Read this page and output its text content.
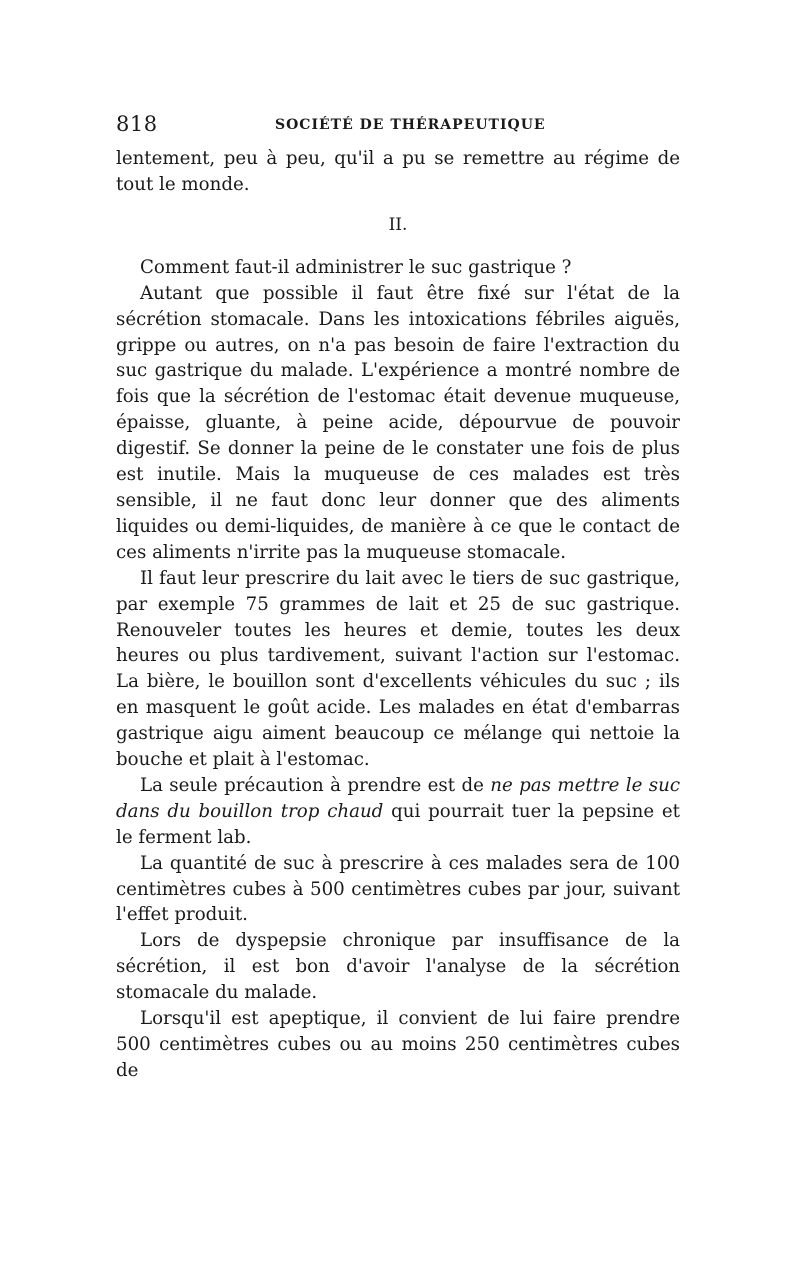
818	SOCIÉTÉ DE THÉRAPEUTIQUE

lentement, peu à peu, qu'il a pu se remettre au régime de tout le monde.

II.

Comment faut-il administrer le suc gastrique ?

Autant que possible il faut être fixé sur l'état de la sécrétion stomacale. Dans les intoxications fébriles aiguës, grippe ou autres, on n'a pas besoin de faire l'extraction du suc gastrique du malade. L'expérience a montré nombre de fois que la sécrétion de l'estomac était devenue muqueuse, épaisse, gluante, à peine acide, dépourvue de pouvoir digestif. Se donner la peine de le constater une fois de plus est inutile. Mais la muqueuse de ces malades est très sensible, il ne faut donc leur donner que des aliments liquides ou demi-liquides, de manière à ce que le contact de ces aliments n'irrite pas la muqueuse stomacale.

Il faut leur prescrire du lait avec le tiers de suc gastrique, par exemple 75 grammes de lait et 25 de suc gastrique. Renouveler toutes les heures et demie, toutes les deux heures ou plus tardivement, suivant l'action sur l'estomac. La bière, le bouillon sont d'excellents véhicules du suc ; ils en masquent le goût acide. Les malades en état d'embarras gastrique aigu aiment beaucoup ce mélange qui nettoie la bouche et plait à l'estomac.

La seule précaution à prendre est de ne pas mettre le suc dans du bouillon trop chaud qui pourrait tuer la pepsine et le ferment lab.

La quantité de suc à prescrire à ces malades sera de 100 centimètres cubes à 500 centimètres cubes par jour, suivant l'effet produit.

Lors de dyspepsie chronique par insuffisance de la sécrétion, il est bon d'avoir l'analyse de la sécrétion stomacale du malade.

Lorsqu'il est apeptique, il convient de lui faire prendre 500 centimètres cubes ou au moins 250 centimètres cubes de
